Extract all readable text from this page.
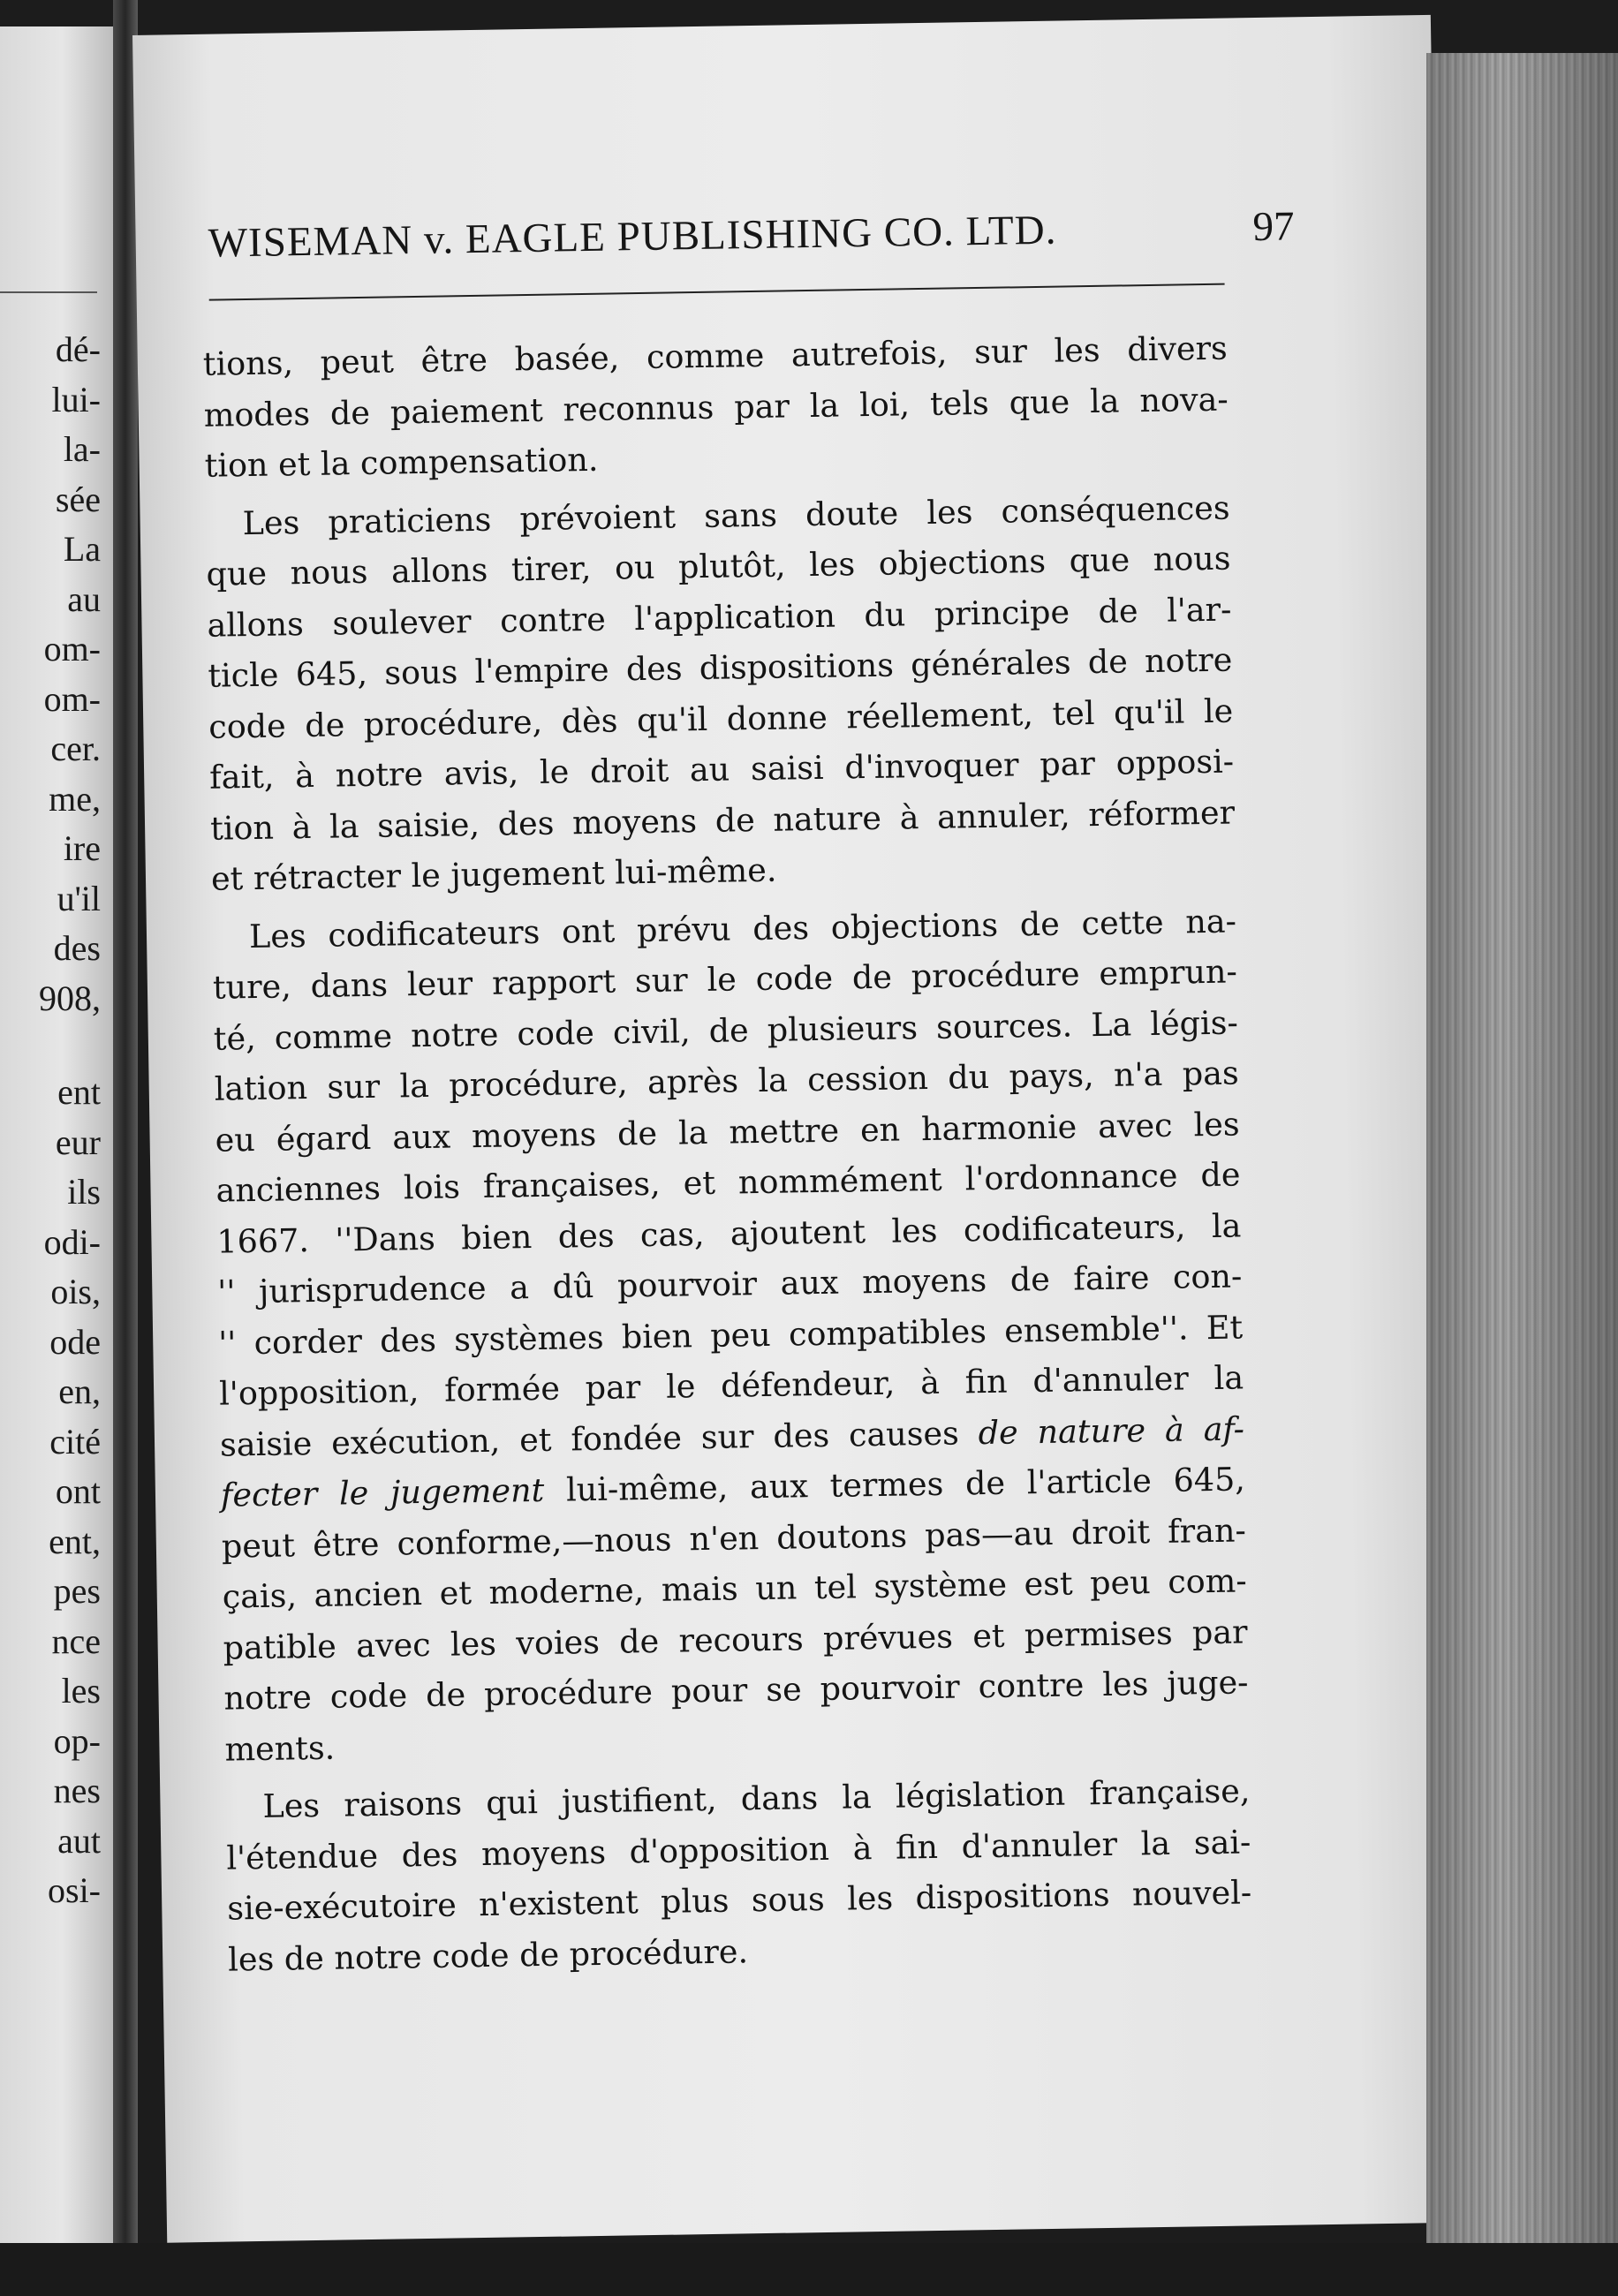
dé-
lui-
la-
sée
La
au
om-
om-
cer.
me,
ire
u'il
des
908,
ent
eur
ils
odi-
ois,
ode
en,
cité
ont
ent,
pes
nce
les
op-
nes
aut
osi-
WISEMAN v. EAGLE PUBLISHING CO. LTD.	97
tions, peut être basée, comme autrefois, sur les divers
modes de paiement reconnus par la loi, tels que la nova-
tion et la compensation.
Les praticiens prévoient sans doute les conséquences
que nous allons tirer, ou plutôt, les objections que nous
allons soulever contre l'application du principe de l'ar-
ticle 645, sous l'empire des dispositions générales de notre
code de procédure, dès qu'il donne réellement, tel qu'il le
fait, à notre avis, le droit au saisi d'invoquer par opposi-
tion à la saisie, des moyens de nature à annuler, réformer
et rétracter le jugement lui-même.
Les codificateurs ont prévu des objections de cette na-
ture, dans leur rapport sur le code de procédure emprun-
té, comme notre code civil, de plusieurs sources. La légis-
lation sur la procédure, après la cession du pays, n'a pas
eu égard aux moyens de la mettre en harmonie avec les
anciennes lois françaises, et nommément l'ordonnance de
1667. ''Dans bien des cas, ajoutent les codificateurs, la
'' jurisprudence a dû pourvoir aux moyens de faire con-
'' corder des systèmes bien peu compatibles ensemble''. Et
l'opposition, formée par le défendeur, à fin d'annuler la
saisie exécution, et fondée sur des causes de nature à af-
fecter le jugement lui-même, aux termes de l'article 645,
peut être conforme,—nous n'en doutons pas—au droit fran-
çais, ancien et moderne, mais un tel système est peu com-
patible avec les voies de recours prévues et permises par
notre code de procédure pour se pourvoir contre les juge-
ments.
Les raisons qui justifient, dans la législation française,
l'étendue des moyens d'opposition à fin d'annuler la sai-
sie-exécutoire n'existent plus sous les dispositions nouvel-
les de notre code de procédure.
